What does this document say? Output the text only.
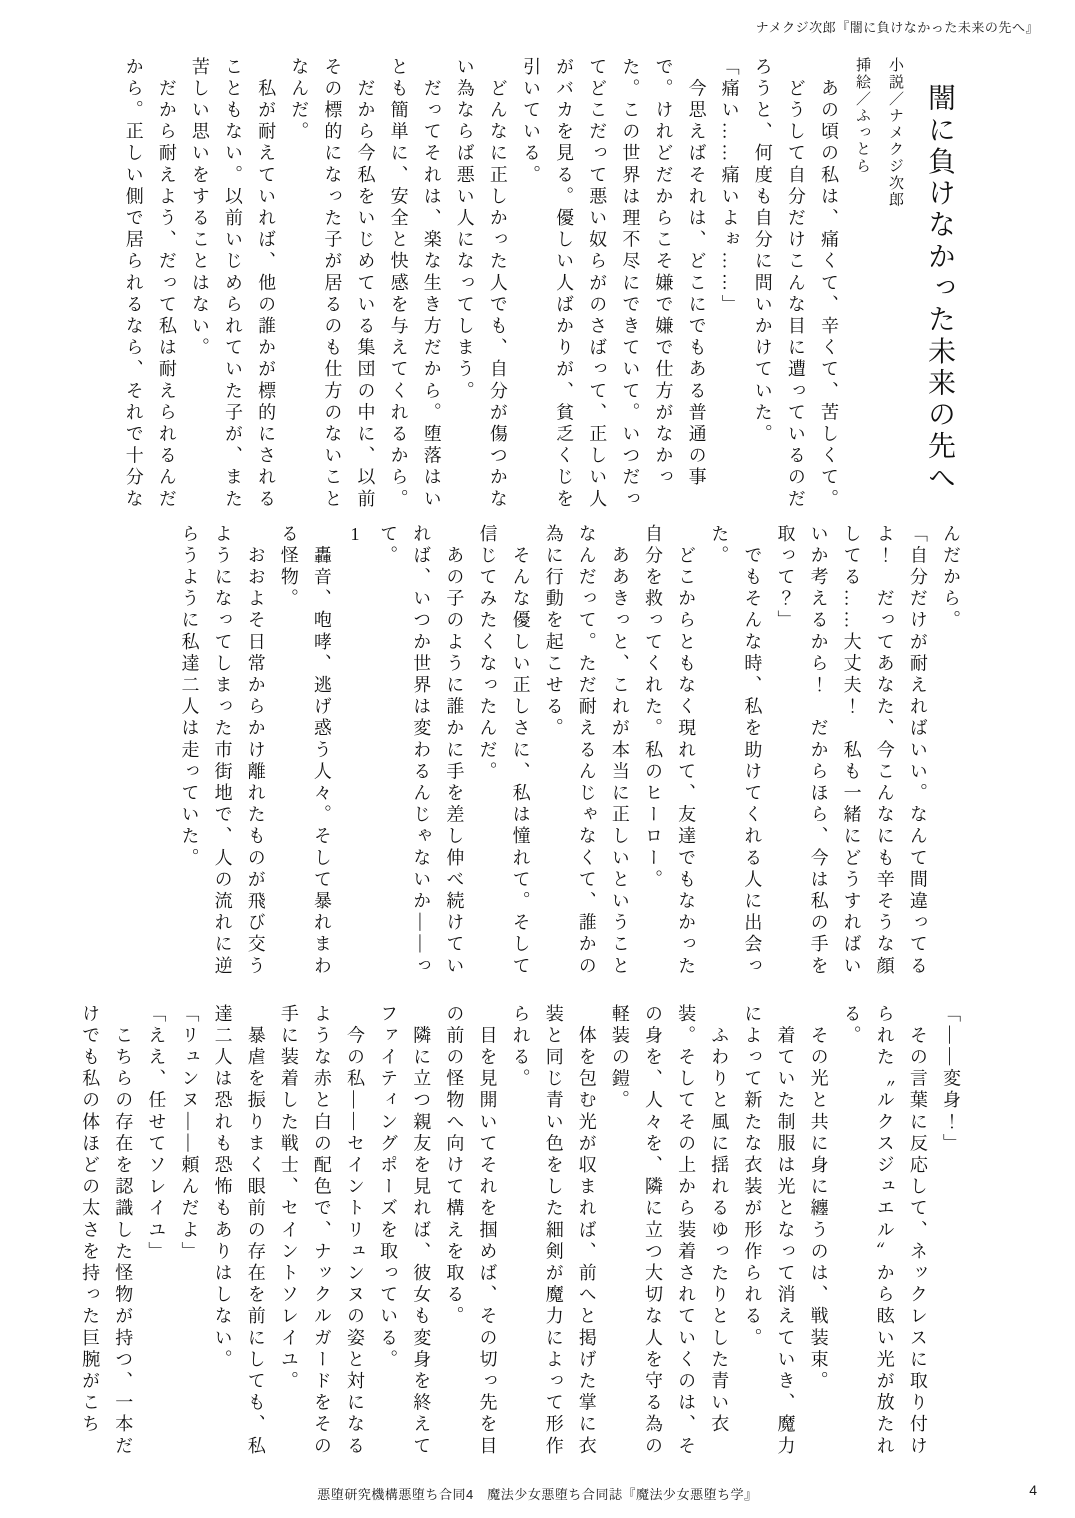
ナメクジ次郎『闇に負けなかった未来の先へ』
闇に負けなかった未来の先へ

小説／ナメクジ次郎

挿絵／ふっとら

　あの頃の私は、痛くて、辛くて、苦しくて。

　どうして自分だけこんな目に遭っているのだろうと、何度も自分に問いかけていた。

「痛い……痛いよぉ……」

　今思えばそれは、どこにでもある普通の事で。けれどだからこそ嫌で嫌で仕方がなかった。この世界は理不尽にできていて。いつだってどこだって悪い奴らがのさばって、正しい人がバカを見る。優しい人ばかりが、貧乏くじを引いている。

　どんなに正しかった人でも、自分が傷つかない為ならば悪い人になってしまう。

　だってそれは、楽な生き方だから。堕落はいとも簡単に、安全と快感を与えてくれるから。

　だから今私をいじめている集団の中に、以前その標的になった子が居るのも仕方のないことなんだ。

　私が耐えていれば、他の誰かが標的にされることもない。以前いじめられていた子が、また苦しい思いをすることはない。

　だから耐えよう、だって私は耐えられるんだから。正しい側で居られるなら、それで十分な

んだから。

「自分だけが耐えればいい。なんて間違ってるよ！　だってあなた、今こんなにも辛そうな顔してる……大丈夫！　私も一緒にどうすればいいか考えるから！　だからほら、今は私の手を取って？」

　でもそんな時、私を助けてくれる人に出会った。

　どこからともなく現れて、友達でもなかった自分を救ってくれた。私のヒーロー。

　ああきっと、これが本当に正しいということなんだって。ただ耐えるんじゃなくて、誰かの為に行動を起こせる。

　そんな優しい正しさに、私は憧れて。そして信じてみたくなったんだ。

　あの子のように誰かに手を差し伸べ続けていれば、いつか世界は変わるんじゃないか——って。

1

　轟音、咆哮、逃げ惑う人々。そして暴れまわる怪物。

　おおよそ日常からかけ離れたものが飛び交うようになってしまった市街地で、人の流れに逆らうように私達二人は走っていた。

「——変身！」

　その言葉に反応して、ネックレスに取り付けられた〝ルクスジュエル〟から眩い光が放たれる。

　その光と共に身に纏うのは、戦装束。

　着ていた制服は光となって消えていき、魔力によって新たな衣装が形作られる。

　ふわりと風に揺れるゆったりとした青い衣装。そしてその上から装着されていくのは、その身を、人々を、隣に立つ大切な人を守る為の軽装の鎧。

　体を包む光が収まれば、前へと掲げた掌に衣装と同じ青い色をした細剣が魔力によって形作られる。

　目を見開いてそれを掴めば、その切っ先を目の前の怪物へ向けて構えを取る。

　隣に立つ親友を見れば、彼女も変身を終えてファイティングポーズを取っている。

　今の私——セイントリュンヌの姿と対になるような赤と白の配色で、ナックルガードをその手に装着した戦士、セイントソレイユ。

　暴虐を振りまく眼前の存在を前にしても、私達二人は恐れも恐怖もありはしない。

「リュンヌ——頼んだよ」

「ええ、任せてソレイユ」

　こちらの存在を認識した怪物が持つ、一本だけでも私の体ほどの太さを持った巨腕がこち

悪堕研究機構悪堕ち合同4　魔法少女悪堕ち合同誌『魔法少女悪堕ち学』	4
